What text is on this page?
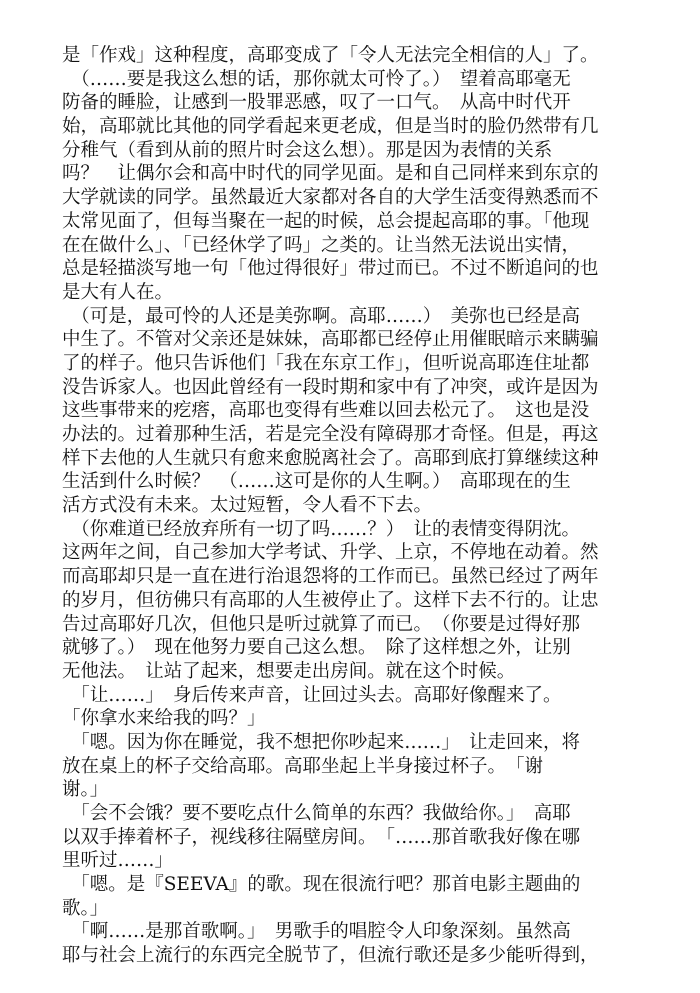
是「作戏」这种程度，高耶变成了「令人无法完全相信的人」了。
　（……要是我这么想的话，那你就太可怜了。）　望着高耶毫无
防备的睡脸，让感到一股罪恶感，叹了一口气。　从高中时代开
始，高耶就比其他的同学看起来更老成，但是当时的脸仍然带有几
分稚气（看到从前的照片时会这么想）。那是因为表情的关系
吗？　让偶尔会和高中时代的同学见面。是和自己同样来到东京的
大学就读的同学。虽然最近大家都对各自的大学生活变得熟悉而不
太常见面了，但每当聚在一起的时候，总会提起高耶的事。「他现
在在做什么」、「已经休学了吗」之类的。让当然无法说出实情，
总是轻描淡写地一句「他过得很好」带过而已。不过不断追问的也
是大有人在。
　（可是，最可怜的人还是美弥啊。高耶……）　美弥也已经是高
中生了。不管对父亲还是妹妹，高耶都已经停止用催眠暗示来瞒骗
了的样子。他只告诉他们「我在东京工作」，但听说高耶连住址都
没告诉家人。也因此曾经有一段时期和家中有了冲突，或许是因为
这些事带来的疙瘩，高耶也变得有些难以回去松元了。　这也是没
办法的。过着那种生活，若是完全没有障碍那才奇怪。但是，再这
样下去他的人生就只有愈来愈脱离社会了。高耶到底打算继续这种
生活到什么时候？　（……这可是你的人生啊。）　高耶现在的生
活方式没有未来。太过短暂，令人看不下去。
　（你难道已经放弃所有一切了吗……？）　让的表情变得阴沈。
这两年之间，自己参加大学考试、升学、上京，不停地在动着。然
而高耶却只是一直在进行治退怨将的工作而已。虽然已经过了两年
的岁月，但彷佛只有高耶的人生被停止了。这样下去不行的。让忠
告过高耶好几次，但他只是听过就算了而已。　（你要是过得好那
就够了。）　现在他努力要自己这么想。　除了这样想之外，让别
无他法。　让站了起来，想要走出房间。就在这个时候。
　「让……」　身后传来声音，让回过头去。高耶好像醒来了。
「你拿水来给我的吗？」
　「嗯。因为你在睡觉，我不想把你吵起来……」　让走回来，将
放在桌上的杯子交给高耶。高耶坐起上半身接过杯子。　「谢
谢。」
　「会不会饿？要不要吃点什么简单的东西？我做给你。」　高耶
以双手捧着杯子，视线移往隔壁房间。　「……那首歌我好像在哪
里听过……」
　「嗯。是『SEEVA』的歌。现在很流行吧？那首电影主题曲的
歌。」
　「啊……是那首歌啊。」　男歌手的唱腔令人印象深刻。虽然高
耶与社会上流行的东西完全脱节了，但流行歌还是多少能听得到，
